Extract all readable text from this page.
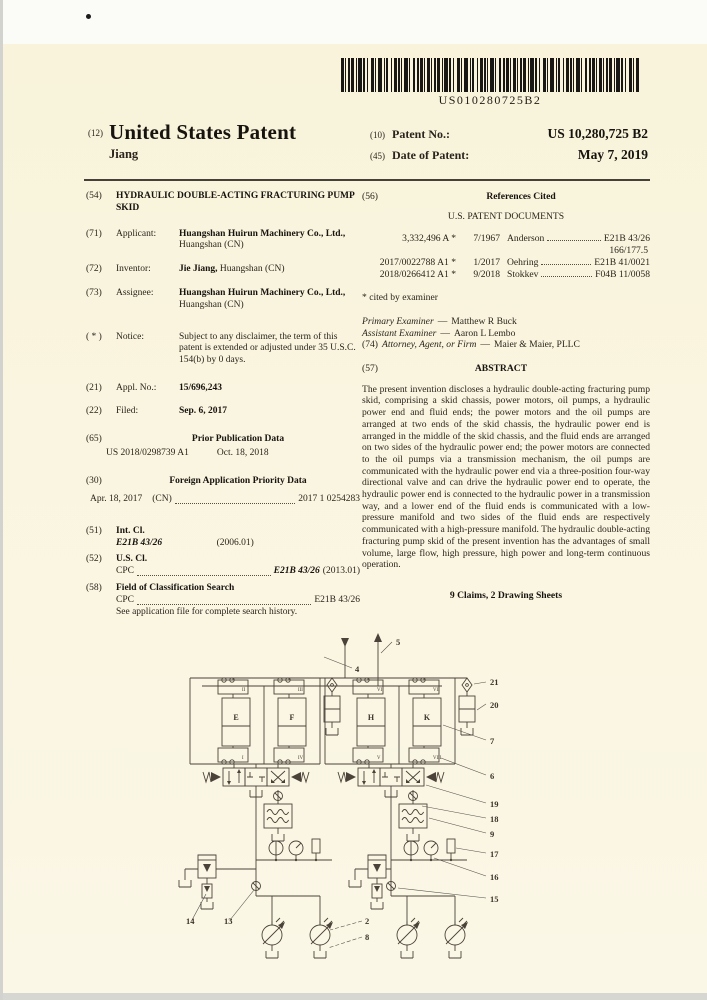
US010280725B2
(12) United States Patent
Jiang
(10) Patent No.:	US 10,280,725 B2
(45) Date of Patent:	May 7, 2019
(54)	HYDRAULIC DOUBLE-ACTING FRACTURING PUMP SKID
(71)	Applicant:	Huangshan Huirun Machinery Co., Ltd., Huangshan (CN)
(72)	Inventor:	Jie Jiang, Huangshan (CN)
(73)	Assignee:	Huangshan Huirun Machinery Co., Ltd., Huangshan (CN)
( * )	Notice:	Subject to any disclaimer, the term of this patent is extended or adjusted under 35 U.S.C. 154(b) by 0 days.
(21)	Appl. No.:	15/696,243
(22)	Filed:	Sep. 6, 2017
(65)	Prior Publication Data
US 2018/0298739 A1	Oct. 18, 2018
(30)	Foreign Application Priority Data
Apr. 18, 2017 (CN)	2017 1 0254283
(51)	Int. Cl.
E21B 43/26	(2006.01)
(52)	U.S. Cl.
CPC	E21B 43/26 (2013.01)
(58)	Field of Classification Search
CPC	E21B 43/26
See application file for complete search history.
(56)	References Cited
U.S. PATENT DOCUMENTS
3,332,496 A *	7/1967 Anderson	E21B 43/26
166/177.5
2017/0022788 A1 *	1/2017 Oehring	E21B 41/0021
2018/0266412 A1 *	9/2018 Stokkev	F04B 11/0058
* cited by examiner
Primary Examiner — Matthew R Buck
Assistant Examiner — Aaron L Lembo
(74) Attorney, Agent, or Firm — Maier & Maier, PLLC
(57)	ABSTRACT
The present invention discloses a hydraulic double-acting fracturing pump skid, comprising a skid chassis, power motors, oil pumps, a hydraulic power end and fluid ends; the power motors and the oil pumps are arranged at two ends of the skid chassis, the hydraulic power end is arranged in the middle of the skid chassis, and the fluid ends are arranged on two sides of the hydraulic power end; the power motors are connected to the oil pumps via a transmission mechanism, the oil pumps are communicated with the hydraulic power end via a three-position four-way directional valve and can drive the hydraulic power end to operate, the hydraulic power end is connected to the hydraulic power in a transmission way, and a lower end of the fluid ends is communicated with a low-pressure manifold and two sides of the fluid ends are respectively communicated with a high-pressure manifold. The hydraulic double-acting fracturing pump skid of the present invention has the advantages of small volume, large flow, high pressure, high power and long-term continuous operation.
9 Claims, 2 Drawing Sheets
E	F	H	K
II	III
I	IV
VI	VII
V	VIII
5
4
21
20
7
6
19
18
9
17
16
15
2
8
14	13
